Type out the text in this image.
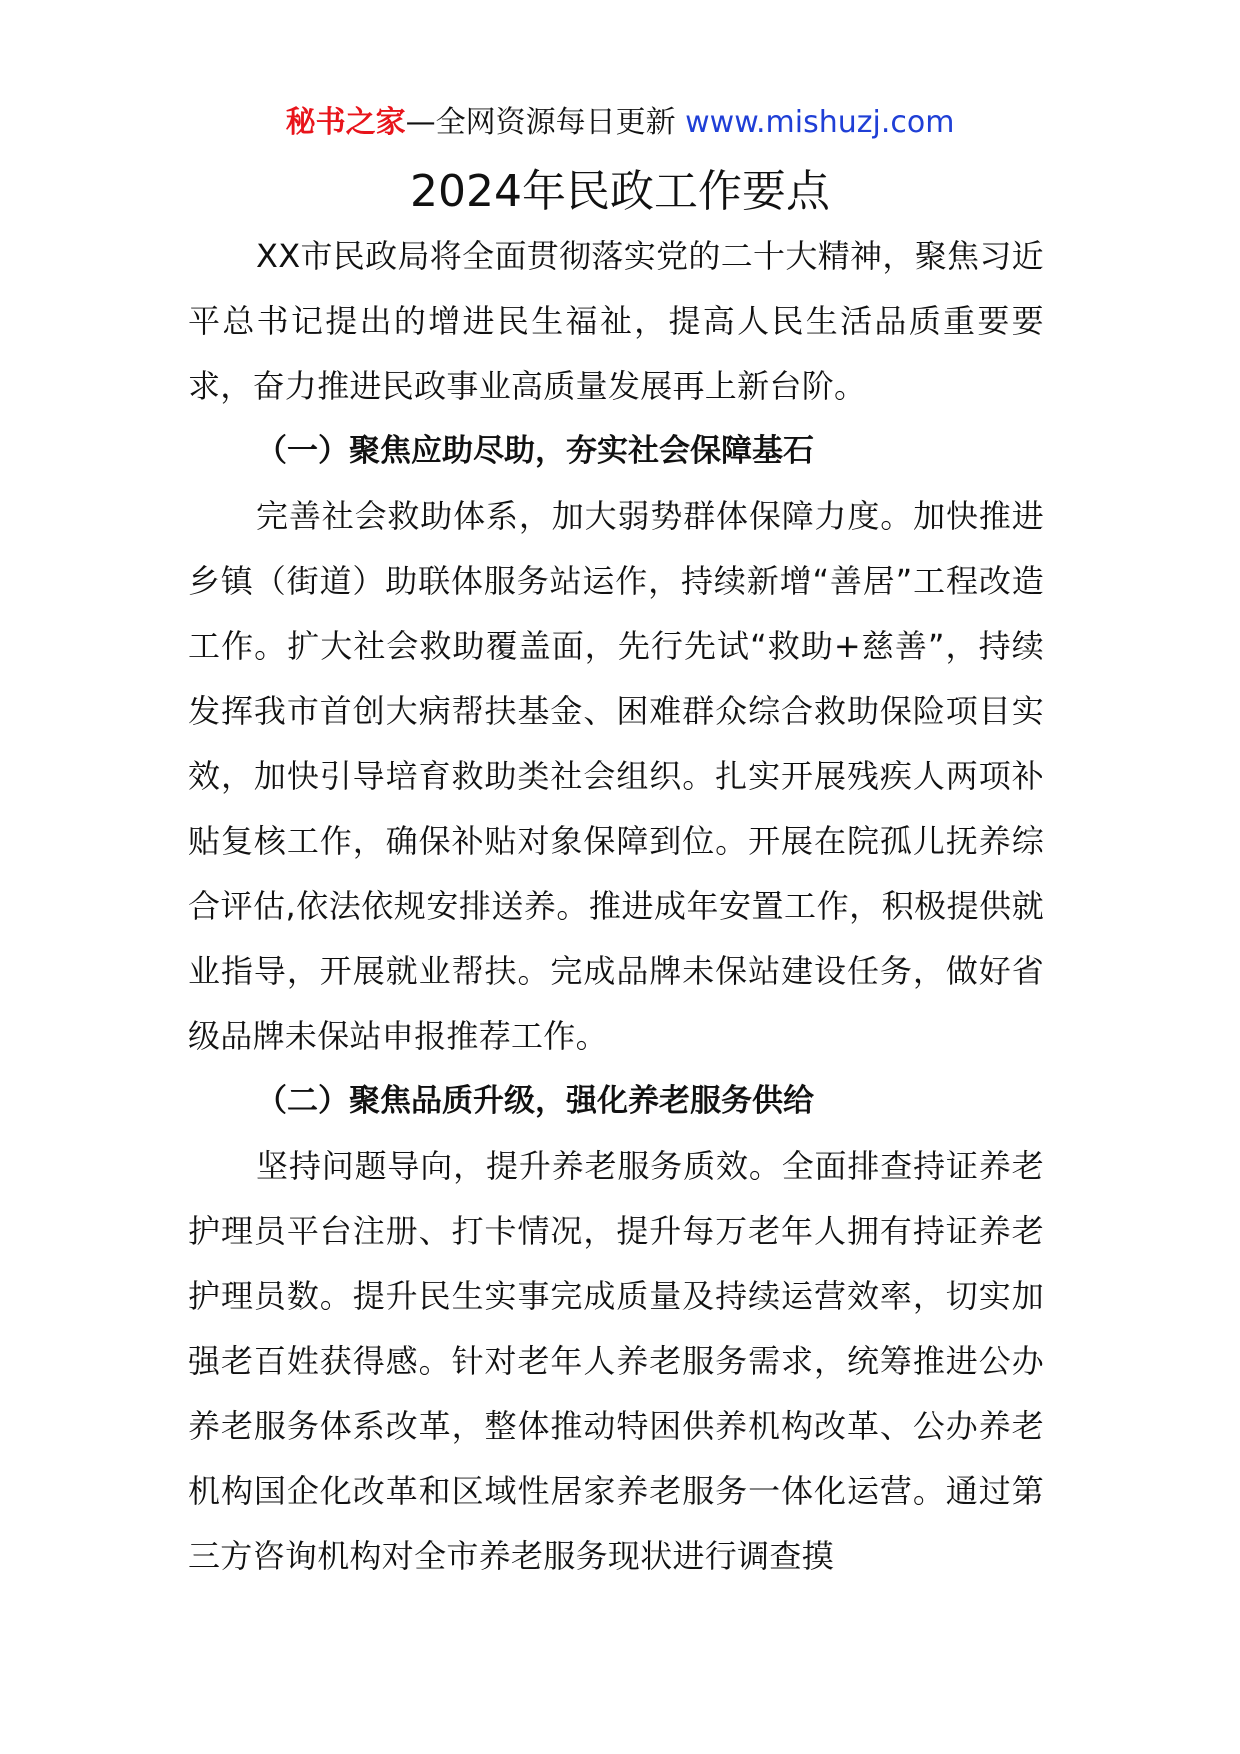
秘书之家—全网资源每日更新 www.mishuzj.com
2024年民政工作要点

XX市民政局将全面贯彻落实党的二十大精神，聚焦习近平总书记提出的增进民生福祉，提高人民生活品质重要要求，奋力推进民政事业高质量发展再上新台阶。

（一）聚焦应助尽助，夯实社会保障基石

完善社会救助体系，加大弱势群体保障力度。加快推进乡镇（街道）助联体服务站运作，持续新增“善居”工程改造工作。扩大社会救助覆盖面，先行先试“救助+慈善”，持续发挥我市首创大病帮扶基金、困难群众综合救助保险项目实效，加快引导培育救助类社会组织。扎实开展残疾人两项补贴复核工作，确保补贴对象保障到位。开展在院孤儿抚养综合评估,依法依规安排送养。推进成年安置工作，积极提供就业指导，开展就业帮扶。完成品牌未保站建设任务，做好省级品牌未保站申报推荐工作。

（二）聚焦品质升级，强化养老服务供给

坚持问题导向，提升养老服务质效。全面排查持证养老护理员平台注册、打卡情况，提升每万老年人拥有持证养老护理员数。提升民生实事完成质量及持续运营效率，切实加强老百姓获得感。针对老年人养老服务需求，统筹推进公办养老服务体系改革，整体推动特困供养机构改革、公办养老机构国企化改革和区域性居家养老服务一体化运营。通过第三方咨询机构对全市养老服务现状进行调查摸
